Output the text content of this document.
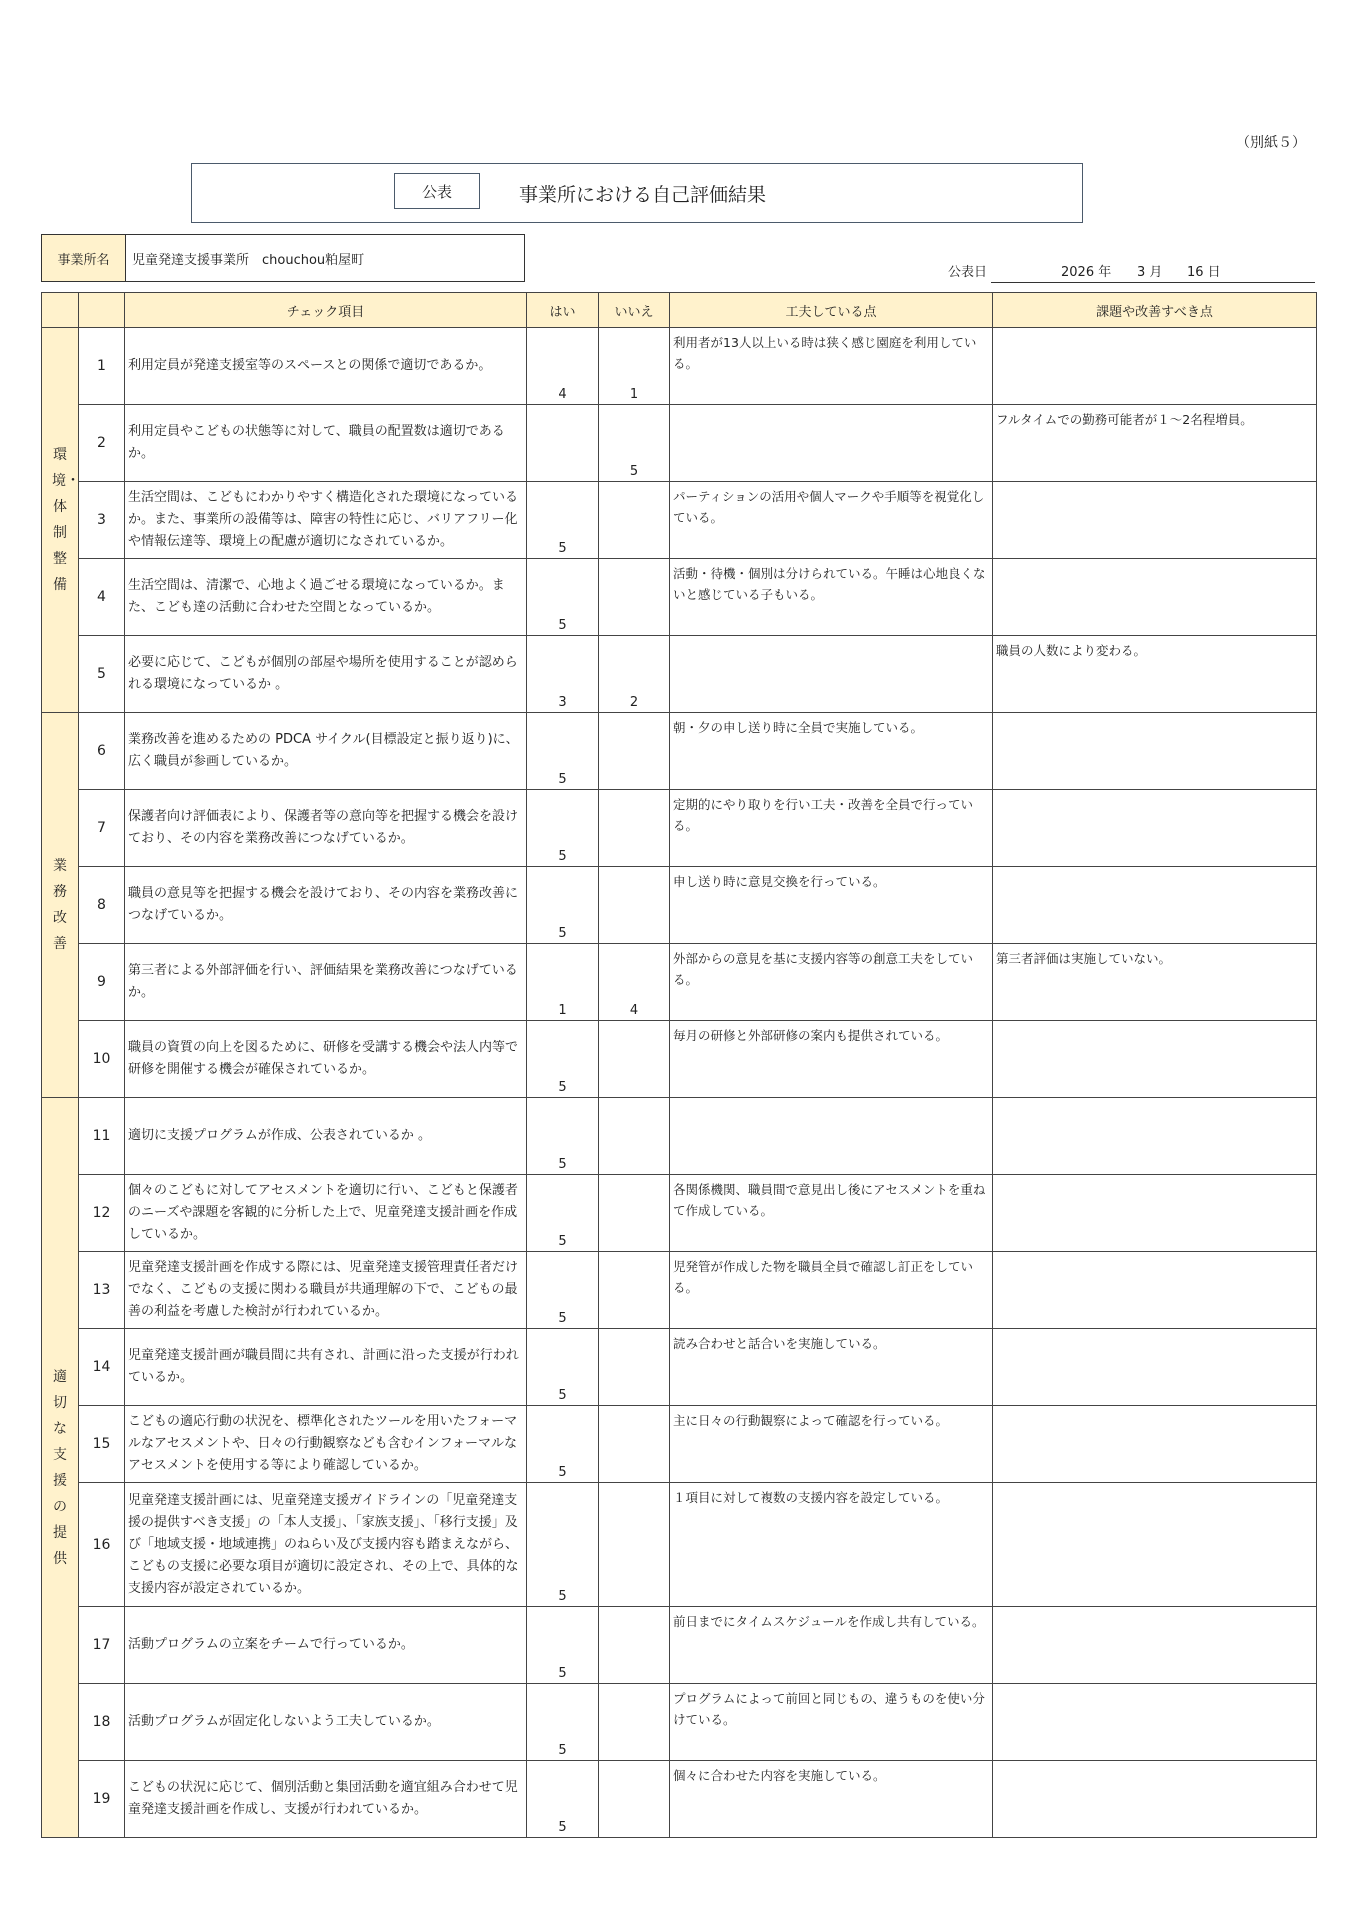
（別紙５）
公表	事業所における自己評価結果
事業所名	児童発達支援事業所　chouchou粕屋町
公表日	2026 年 3 月 16 日
		チェック項目	はい	いいえ	工夫している点	課題や改善すべき点
環境・体制整備	1	利用定員が発達支援室等のスペースとの関係で適切であるか。	4	1	利用者が13人以上いる時は狭く感じ園庭を利用している。	
	2	利用定員やこどもの状態等に対して、職員の配置数は適切であるか。		5		フルタイムでの勤務可能者が１～2名程増員。
	3	生活空間は、こどもにわかりやすく構造化された環境になっているか。また、事業所の設備等は、障害の特性に応じ、バリアフリー化や情報伝達等、環境上の配慮が適切になされているか。	5		パーティションの活用や個人マークや手順等を視覚化している。	
	4	生活空間は、清潔で、心地よく過ごせる環境になっているか。また、こども達の活動に合わせた空間となっているか。	5		活動・待機・個別は分けられている。午睡は心地良くないと感じている子もいる。	
	5	必要に応じて、こどもが個別の部屋や場所を使用することが認められる環境になっているか 。	3	2		職員の人数により変わる。
業務改善	6	業務改善を進めるための PDCA サイクル(目標設定と振り返り)に、広く職員が参画しているか。	5		朝・夕の申し送り時に全員で実施している。	
	7	保護者向け評価表により、保護者等の意向等を把握する機会を設けており、その内容を業務改善につなげているか。	5		定期的にやり取りを行い工夫・改善を全員で行っている。	
	8	職員の意見等を把握する機会を設けており、その内容を業務改善につなげているか。	5		申し送り時に意見交換を行っている。	
	9	第三者による外部評価を行い、評価結果を業務改善につなげているか。	1	4	外部からの意見を基に支援内容等の創意工夫をしている。	第三者評価は実施していない。
	10	職員の資質の向上を図るために、研修を受講する機会や法人内等で研修を開催する機会が確保されているか。	5		毎月の研修と外部研修の案内も提供されている。	
適切な支援の提供	11	適切に支援プログラムが作成、公表されているか 。	5			
	12	個々のこどもに対してアセスメントを適切に行い、こどもと保護者のニーズや課題を客観的に分析した上で、児童発達支援計画を作成しているか。	5		各関係機関、職員間で意見出し後にアセスメントを重ねて作成している。	
	13	児童発達支援計画を作成する際には、児童発達支援管理責任者だけでなく、こどもの支援に関わる職員が共通理解の下で、こどもの最善の利益を考慮した検討が行われているか。	5		児発管が作成した物を職員全員で確認し訂正をしている。	
	14	児童発達支援計画が職員間に共有され、計画に沿った支援が行われているか。	5		読み合わせと話合いを実施している。	
	15	こどもの適応行動の状況を、標準化されたツールを用いたフォーマルなアセスメントや、日々の行動観察なども含むインフォーマルなアセスメントを使用する等により確認しているか。	5		主に日々の行動観察によって確認を行っている。	
	16	児童発達支援計画には、児童発達支援ガイドラインの「児童発達支援の提供すべき支援」の「本人支援」、「家族支援」、「移行支援」及び「地域支援・地域連携」のねらい及び支援内容も踏まえながら、こどもの支援に必要な項目が適切に設定され、その上で、具体的な支援内容が設定されているか。	5		１項目に対して複数の支援内容を設定している。	
	17	活動プログラムの立案をチームで行っているか。	5		前日までにタイムスケジュールを作成し共有している。	
	18	活動プログラムが固定化しないよう工夫しているか。	5		プログラムによって前回と同じもの、違うものを使い分けている。	
	19	こどもの状況に応じて、個別活動と集団活動を適宜組み合わせて児童発達支援計画を作成し、支援が行われているか。	5		個々に合わせた内容を実施している。	
